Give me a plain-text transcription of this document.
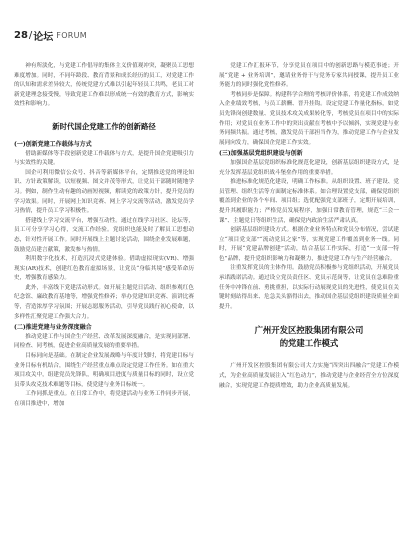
28 / 论坛 FORUM

神有所淡化，与党建工作倡导的集体主义价值观冲突，凝聚员工思想难度增加。同时，不同年龄段、教育背景和成长经历的员工，对党建工作的认知和需求差异较大，传统党建方式难以引起年轻员工共鸣，老员工对新党建理念接受慢，导致党建工作难以形成统一有效的教育方式，影响实效性和影响力。

新时代国企党建工作的创新路径
(一)创新党建工作载体与方式

借助新媒体等手段创新党建工作载体与方式，是提升国企党建吸引力与实效性的关键。

国企可利用微信公众号、抖音等新媒体平台，定期推送党的理论知识、方针政策解读，以短视频、图文并茂等形式，让党员干部随时随地学习。例如，制作生动有趣的动画短视频，解读党的政策方针，提升党员的学习效果。同时，开展网上知识竞赛、网上学习交流等活动，激发党员学习热情，提升员工学习积极性。

搭建线上学习交流平台，增强互动性。通过在线学习社区、论坛等，员工可分享学习心得，交流工作经验。党组织也能及时了解员工思想动态，针对性开展工作。同时开展线上主题讨论活动，围绕企业发展难题，鼓励党员建言献策，激发参与热情。

利用数字化技术，打造沉浸式党建体验。借助虚拟现实(VR)、增强现实(AR)技术，创建红色教育虚拟场景，让党员“身临其境”感受革命历史，增强教育感染力。

此外，丰富线下党建活动形式。如开展主题党日活动、组织参观红色纪念馆、廉政教育基地等，增强党性修养；举办党建知识竞赛、演讲比赛等，营造浓厚学习氛围；开展志愿服务活动，引导党员践行初心使命，以多样性汇聚党建工作强大合力。

(二)推进党建与业务深度融合

推动党建工作与国企生产经营、改革发展深度融合，是实现同部署、同检查、同考核，促进企业高质量发展的重要举措。

目标同向是基础。在制定企业发展战略与年度计划时，将党建目标与业务目标有机结合，围绕生产经营重点难点设定党建工作任务。如在重大项目攻关中，组建党员先锋队，明确项目进度与质量目标的同时，设立党员带头攻克技术难题等目标，使党建与业务目标统一。

工作同抓是重点。在日常工作中，将党建活动与业务工作同步开展，在项目推进中，增加

党建工作汇报环节，分享党员在项目中的创新思路与模范事迹；开展“党建 + 业务培训”，邀请业务骨干与党务专家共同授课，提升员工业务能力的同时强化党性修养。

考核同步是保障。构建科学合理的考核评价体系，将党建工作成效纳入企业绩效考核，与员工薪酬、晋升挂钩。设定党建工作量化指标，如党员先锋岗创建数量、党员技术攻关成果转化等，考核党员在项目中的实际作用；对党员在业务工作中的突出贡献在考核中予以倾斜，实现党建与业务同频共振。通过考核，激发党员干部担当作为，推动党建工作与企业发展同向发力，确保国企党建工作实效。

(三)加强基层党组织建设与创新

加强国企基层党组织标准化规范化建设，创新基层组织建设方式，是充分发挥基层党组织战斗堡垒作用的重要举措。

推进标准化规范化建设，明确工作标准。从组织设置、班子建设、党员管理、组织生活等方面制定标准体系。如合理设置党支部，确保党组织覆盖到企业的各个车间、项目组；选优配强党支部班子，定期开展培训，提升其履职能力；严格党员发展程序，加强日常教育管理，规范“三会一课”、主题党日等组织生活，确保党内政治生活严肃认真。

创新基层组织建设方式。根据企业业务特点和党员分布情况，尝试建立“项目党支部”“流动党员之家”等，实现党建工作覆盖到业务一线。同时，开展“党建品牌创建”活动，结合基层工作实际，打造“一支部一特色”品牌，提升党组织影响力和凝聚力，推进党建工作与生产经营融合。

注重发挥党员的主体作用。鼓励党员积极参与党组织活动，开展党员承诺践诺活动。通过设立党员责任区、党员示范岗等，让党员在急难险重任务中冲锋在前、勇挑重担，以实际行动展现党员的先进性，使党员在关键时刻站得出来、危急关头豁得出去，推动国企基层党组织建设质量全面提升。

广州开发区控股集团有限公司
的党建工作模式

广州开发区控股集团有限公司大力实施“四突出四融合”党建工作模式，为企业高质量发展注入“红色动力”，推动党建与企业经营全方位深度融合，实现党建工作提质增效，助力企业高质量发展。
